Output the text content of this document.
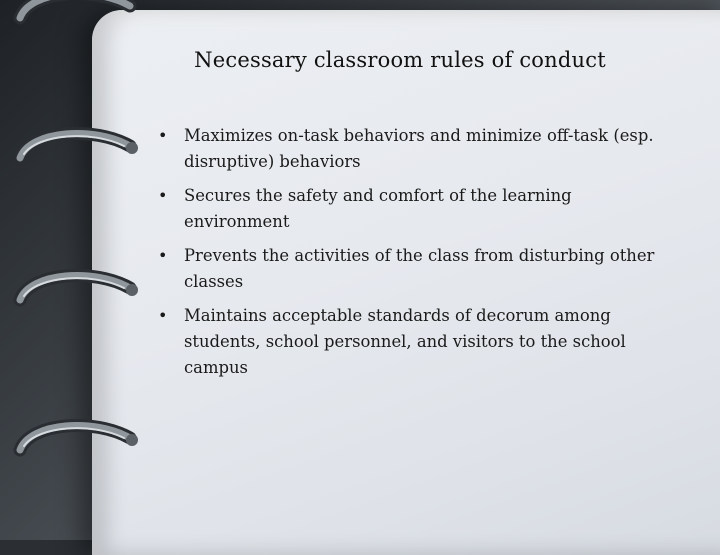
Necessary classroom rules of conduct
• Maximizes on-task behaviors and minimize off-task (esp. disruptive) behaviors
• Secures the safety and comfort of the learning environment
• Prevents the activities of the class from disturbing other classes
• Maintains acceptable standards of decorum among students, school personnel, and visitors to the school campus
